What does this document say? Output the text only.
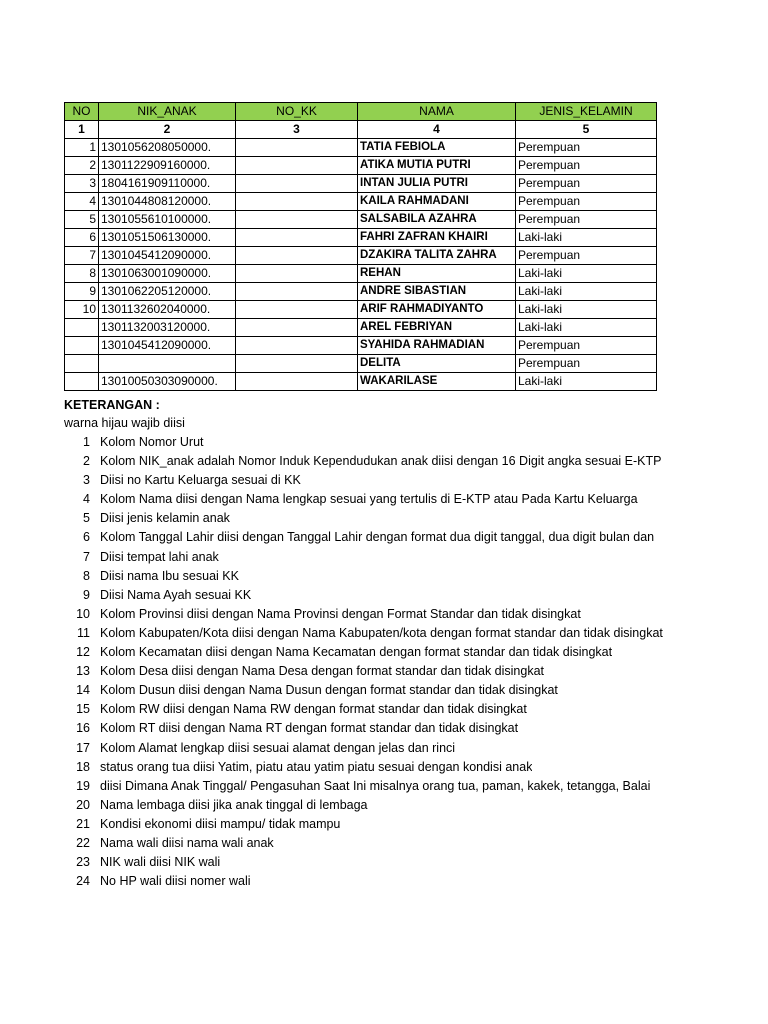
NO	NIK_ANAK	NO_KK	NAMA	JENIS_KELAMIN
1	2	3	4	5
1	1301056208050000.		TATIA FEBIOLA	Perempuan
2	1301122909160000.		ATIKA MUTIA PUTRI	Perempuan
3	1804161909110000.		INTAN JULIA PUTRI	Perempuan
4	1301044808120000.		KAILA RAHMADANI	Perempuan
5	1301055610100000.		SALSABILA AZAHRA	Perempuan
6	1301051506130000.		FAHRI ZAFRAN KHAIRI	Laki-laki
7	1301045412090000.		DZAKIRA TALITA ZAHRA	Perempuan
8	1301063001090000.		REHAN	Laki-laki
9	1301062205120000.		ANDRE SIBASTIAN	Laki-laki
10	1301132602040000.		ARIF RAHMADIYANTO	Laki-laki
	1301132003120000.		AREL FEBRIYAN	Laki-laki
	1301045412090000.		SYAHIDA RAHMADIAN	Perempuan
			DELITA	Perempuan
	13010050303090000.		WAKARILASE	Laki-laki
KETERANGAN :
warna hijau wajib diisi
1 Kolom Nomor Urut
2 Kolom NIK_anak adalah Nomor Induk Kependudukan anak diisi dengan 16 Digit angka sesuai E-KTP
3 Diisi no Kartu Keluarga sesuai di KK
4 Kolom Nama diisi dengan Nama lengkap sesuai yang tertulis di E-KTP atau Pada Kartu Keluarga
5 Diisi jenis kelamin anak
6 Kolom Tanggal Lahir diisi dengan Tanggal Lahir dengan format dua digit tanggal, dua digit bulan dan
7 Diisi tempat lahi anak
8 Diisi nama Ibu sesuai KK
9 Diisi Nama Ayah sesuai KK
10 Kolom Provinsi diisi dengan Nama Provinsi dengan Format Standar dan tidak disingkat
11 Kolom Kabupaten/Kota diisi dengan Nama Kabupaten/kota dengan format standar dan tidak disingkat
12 Kolom Kecamatan diisi dengan Nama Kecamatan dengan format standar dan tidak disingkat
13 Kolom Desa diisi dengan Nama Desa dengan format standar dan tidak disingkat
14 Kolom Dusun diisi dengan Nama Dusun dengan format standar dan tidak disingkat
15 Kolom RW diisi dengan Nama RW dengan format standar dan tidak disingkat
16 Kolom RT diisi dengan Nama RT dengan format standar dan tidak disingkat
17 Kolom Alamat lengkap diisi sesuai alamat dengan jelas dan rinci
18 status orang tua diisi Yatim, piatu atau yatim piatu sesuai dengan kondisi anak
19 diisi Dimana Anak Tinggal/ Pengasuhan Saat Ini misalnya orang tua, paman, kakek, tetangga, Balai
20 Nama lembaga diisi jika anak tinggal di lembaga
21 Kondisi ekonomi diisi mampu/ tidak mampu
22 Nama wali diisi nama wali anak
23 NIK wali diisi NIK wali
24 No HP wali diisi nomer wali
